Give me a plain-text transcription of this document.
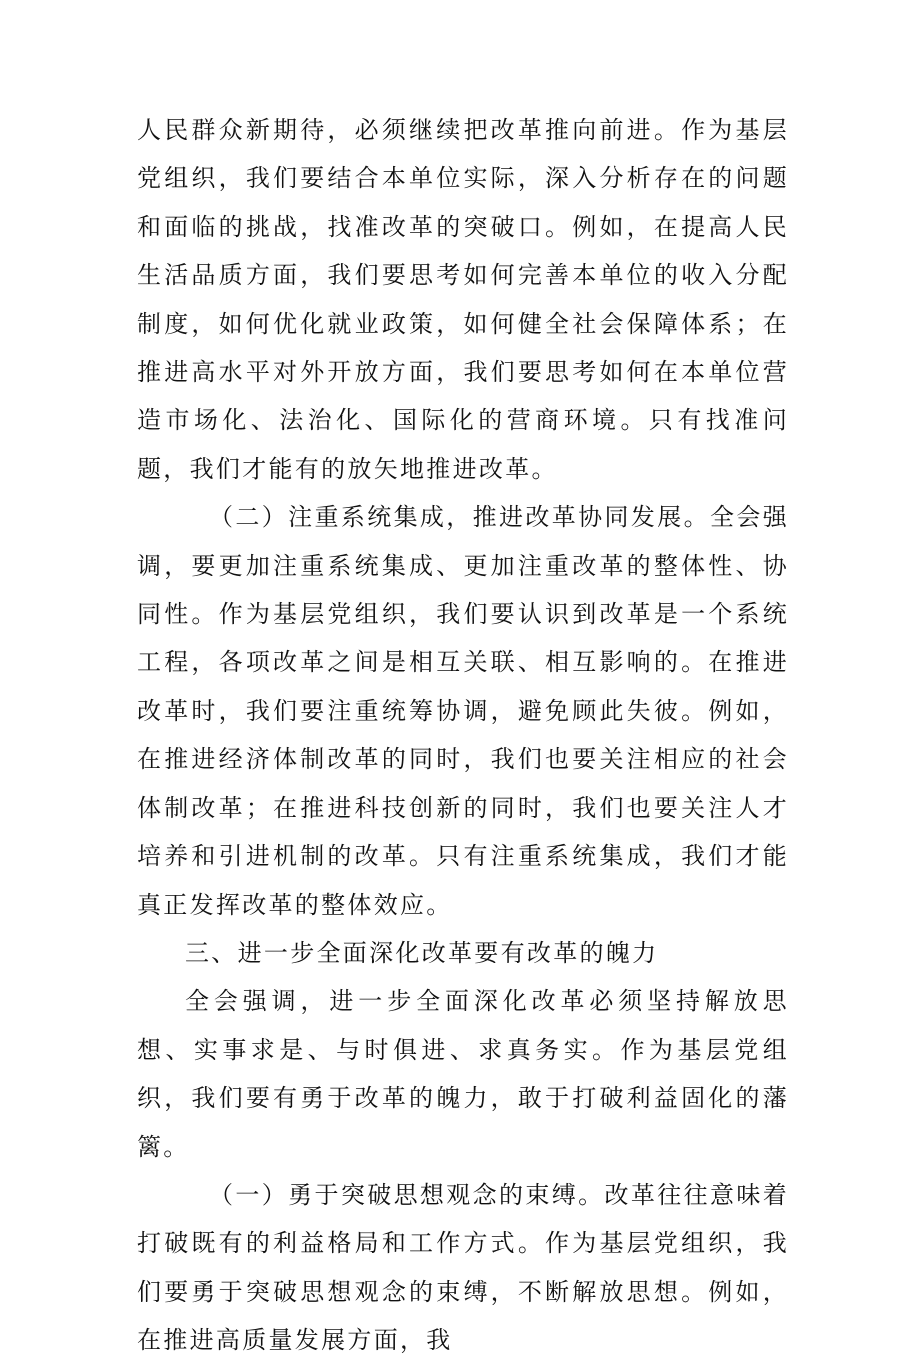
人民群众新期待，必须继续把改革推向前进。作为基层党组织，我们要结合本单位实际，深入分析存在的问题和面临的挑战，找准改革的突破口。例如，在提高人民生活品质方面，我们要思考如何完善本单位的收入分配制度，如何优化就业政策，如何健全社会保障体系；在推进高水平对外开放方面，我们要思考如何在本单位营造市场化、法治化、国际化的营商环境。只有找准问题，我们才能有的放矢地推进改革。

（二）注重系统集成，推进改革协同发展。全会强调，要更加注重系统集成、更加注重改革的整体性、协同性。作为基层党组织，我们要认识到改革是一个系统工程，各项改革之间是相互关联、相互影响的。在推进改革时，我们要注重统筹协调，避免顾此失彼。例如，在推进经济体制改革的同时，我们也要关注相应的社会体制改革；在推进科技创新的同时，我们也要关注人才培养和引进机制的改革。只有注重系统集成，我们才能真正发挥改革的整体效应。

三、进一步全面深化改革要有改革的魄力

全会强调，进一步全面深化改革必须坚持解放思想、实事求是、与时俱进、求真务实。作为基层党组织，我们要有勇于改革的魄力，敢于打破利益固化的藩篱。

（一）勇于突破思想观念的束缚。改革往往意味着打破既有的利益格局和工作方式。作为基层党组织，我们要勇于突破思想观念的束缚，不断解放思想。例如，在推进高质量发展方面，我
